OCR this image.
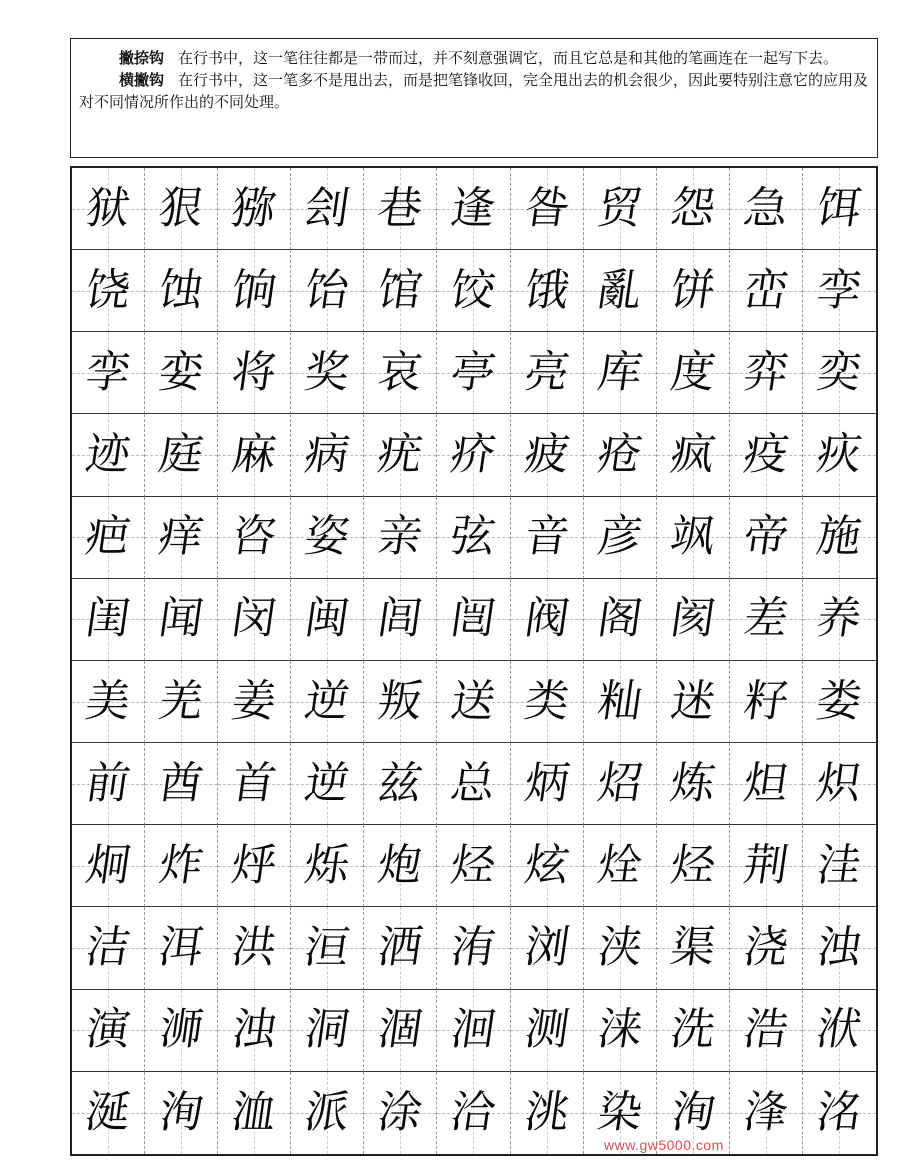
撇捺钩 在行书中，这一笔往往都是一带而过，并不刻意强调它，而且它总是和其他的笔画连在一起写下去。

横撇钩 在行书中，这一笔多不是甩出去，而是把笔锋收回，完全甩出去的机会很少，因此要特别注意它的应用及对不同情况所作出的不同处理。

狱 狠 猕 刽 巷 逢 昝 贸 怨 急 饵
饶 蚀 饷 饴 馆 饺 饿 亂 饼 峦 孪
孪 娈 将 奖 哀 亭 亮 库 度 弈 奕
迹 庭 麻 病 疣 疥 疲 疮 疯 疫 疢
疤 痒 咨 姿 亲 弦 音 彦 飒 帝 施
闺 闻 闵 闽 闾 闿 阀 阁 阂 差 养
美 羌 姜 逆 叛 送 类 籼 迷 籽 娄
前 酋 首 逆 兹 总 炳 炤 炼 炟 炽
炯 炸 烀 烁 炮 烃 炫 烇 烃 荆 洼
洁 洱 洪 洹 洒 洧 浏 浃 渠 浇 浊
演 浉 浊 洞 涸 洄 测 涞 洗 浩 洑
涎 洵 洫 派 涂 洽 洮 染 洵 浲 洺
www.gw5000.com
